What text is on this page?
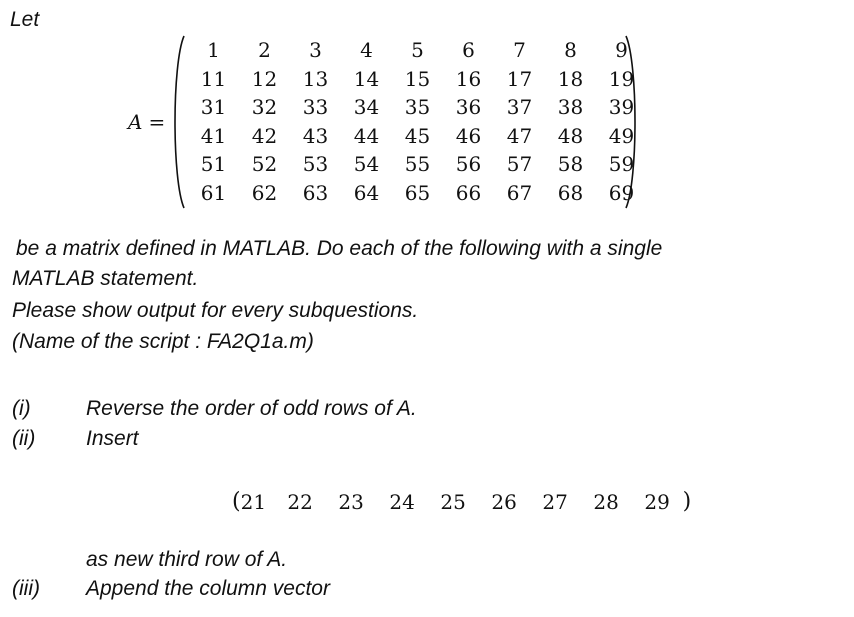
Let
A =
1	2	3	4	5	6	7	8	9
11	12	13	14	15	16	17	18	19
31	32	33	34	35	36	37	38	39
41	42	43	44	45	46	47	48	49
51	52	53	54	55	56	57	58	59
61	62	63	64	65	66	67	68	69
be a matrix defined in MATLAB. Do each of the following with a single
MATLAB statement.
Please show output for every subquestions.
(Name of the script : FA2Q1a.m)
(i)	Reverse the order of odd rows of A.
(ii) Insert
( 21	22	23	24	25	26	27	28	29 )
as new third row of A.
(iii) Append the column vector
